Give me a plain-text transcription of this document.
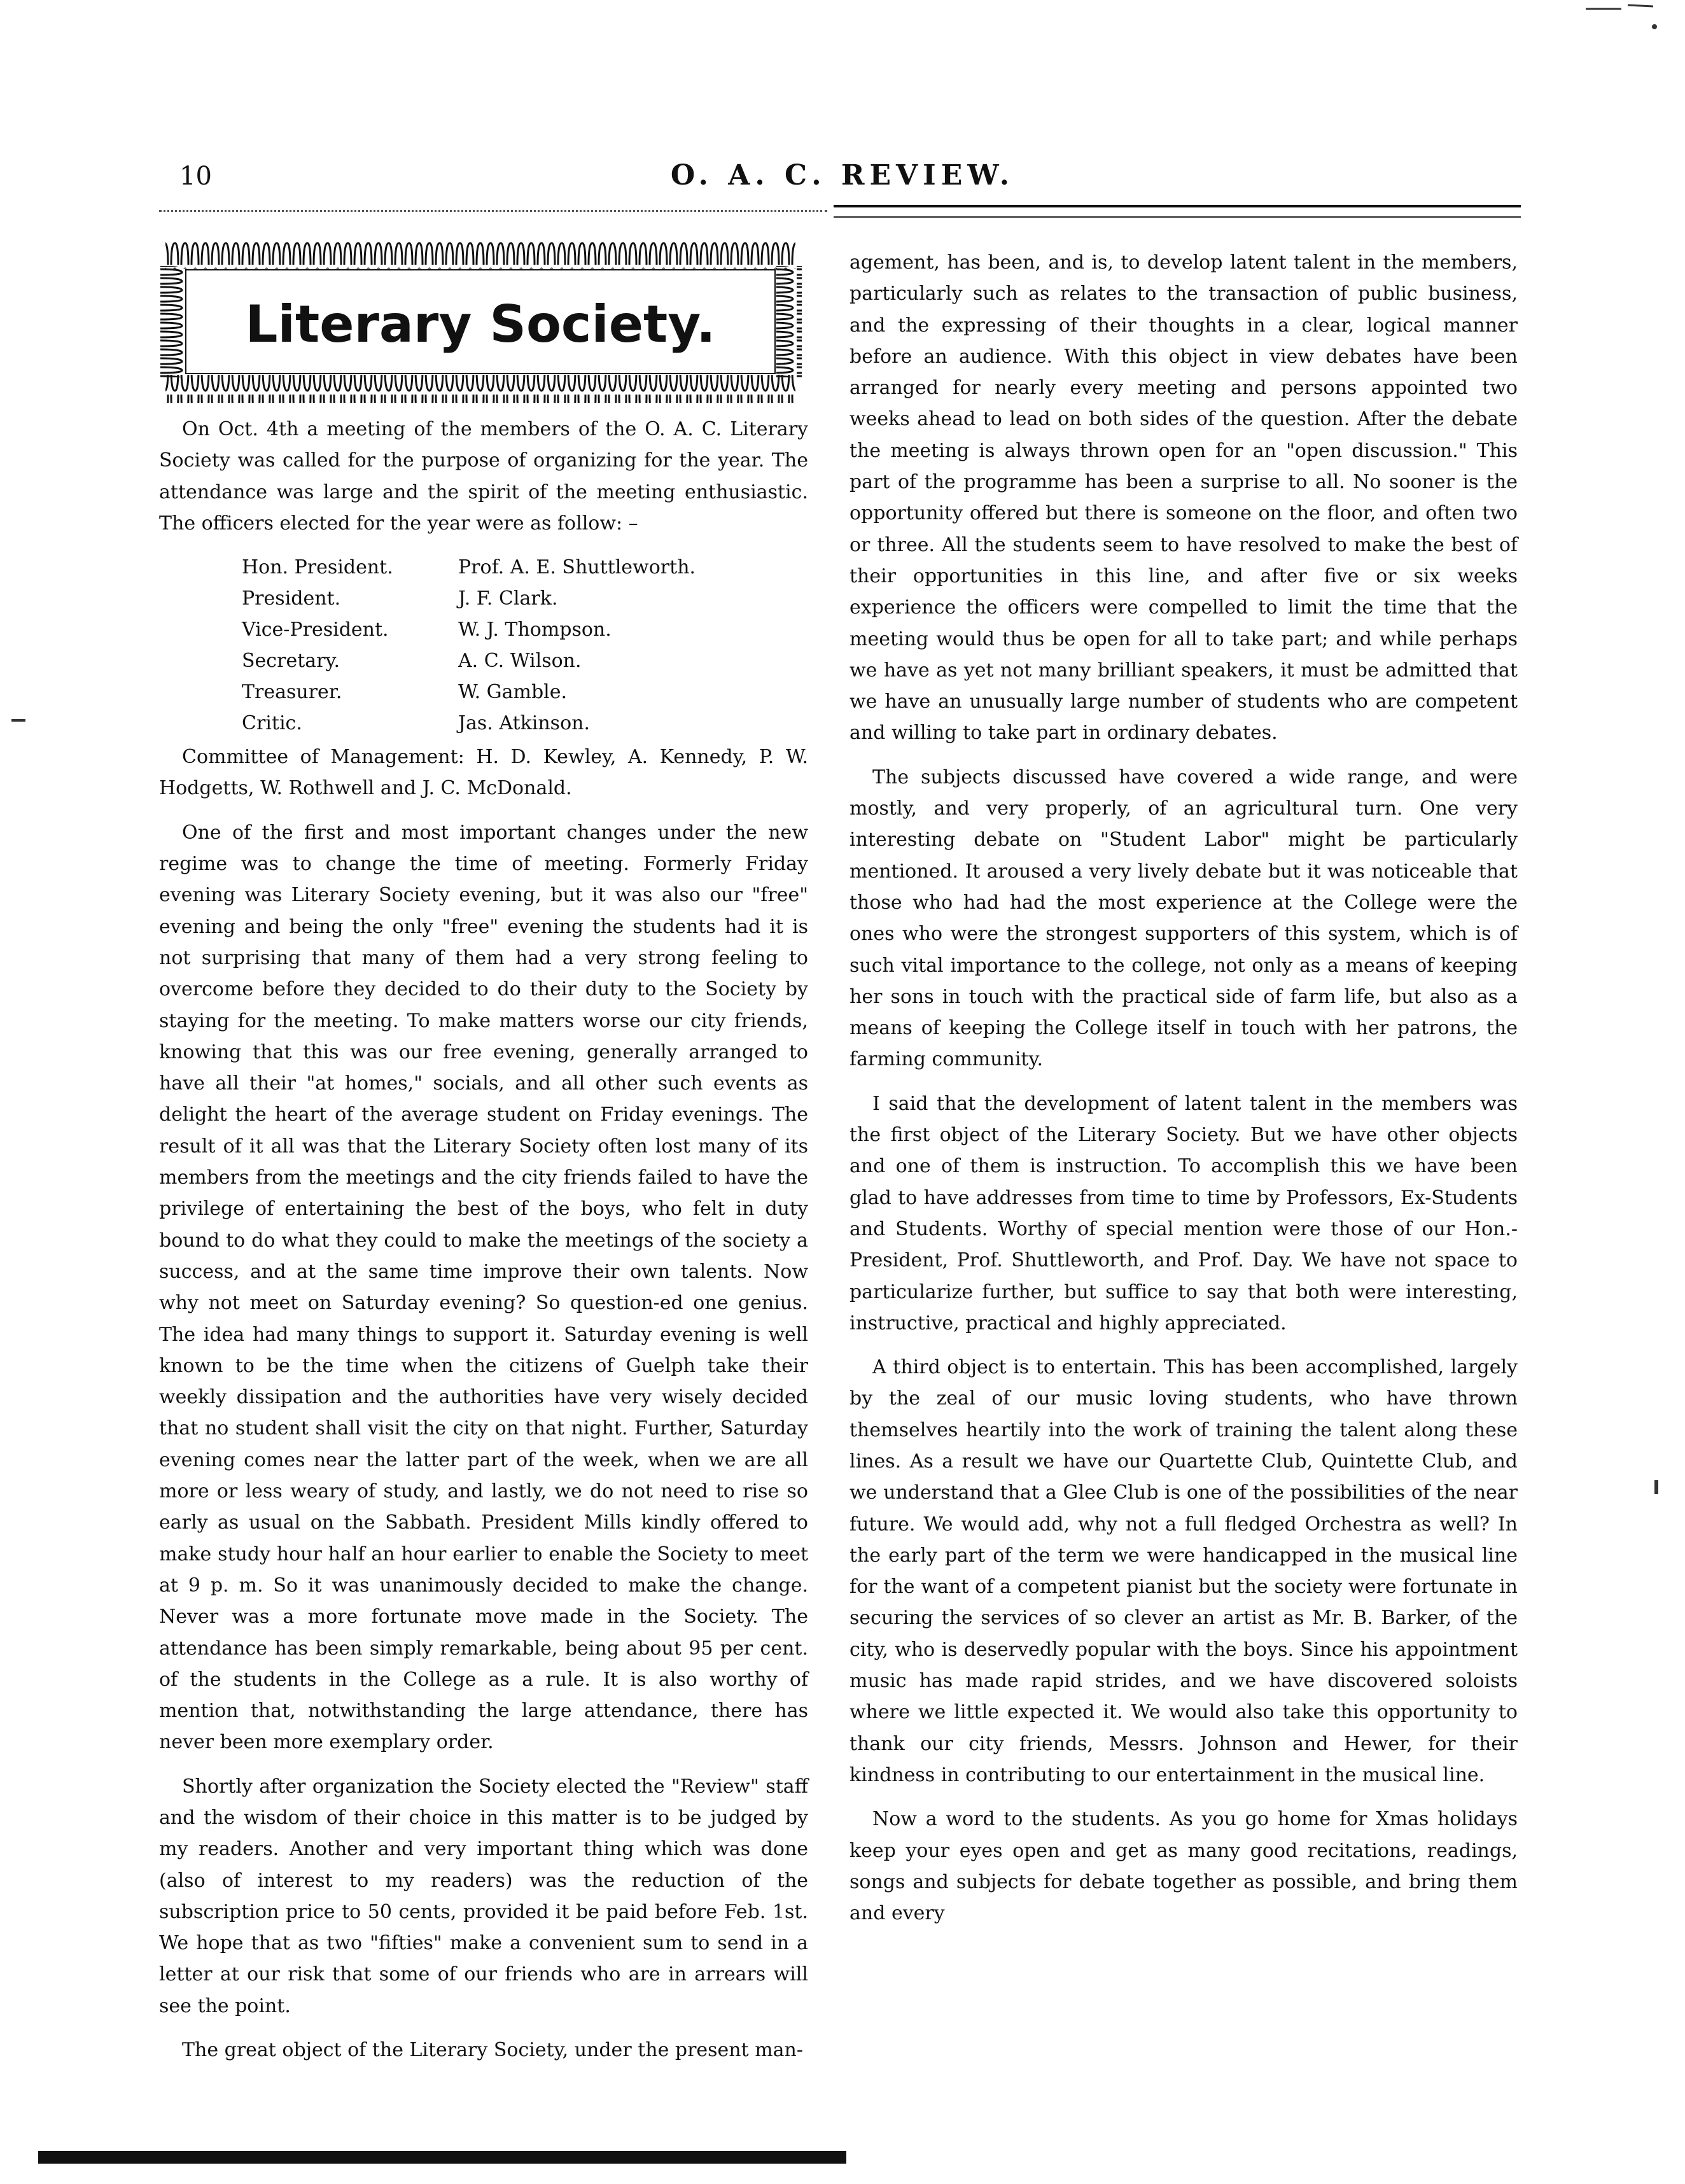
10	O. A. C. REVIEW.
Literary Society.

On Oct. 4th a meeting of the members of the O. A. C. Literary Society was called for the purpose of organizing for the year. The attendance was large and the spirit of the meeting enthusiastic. The officers elected for the year were as follow: –

Hon. President.	Prof. A. E. Shuttleworth.
President.	J. F. Clark.
Vice-President.	W. J. Thompson.
Secretary.	A. C. Wilson.
Treasurer.	W. Gamble.
Critic.	Jas. Atkinson.

Committee of Management: H. D. Kewley, A. Kennedy, P. W. Hodgetts, W. Rothwell and J. C. McDonald.

One of the first and most important changes under the new regime was to change the time of meeting. Formerly Friday evening was Literary Society evening, but it was also our "free" evening and being the only "free" evening the students had it is not surprising that many of them had a very strong feeling to overcome before they decided to do their duty to the Society by staying for the meeting. To make matters worse our city friends, knowing that this was our free evening, generally arranged to have all their "at homes," socials, and all other such events as delight the heart of the average student on Friday evenings. The result of it all was that the Literary Society often lost many of its members from the meetings and the city friends failed to have the privilege of entertaining the best of the boys, who felt in duty bound to do what they could to make the meetings of the society a success, and at the same time improve their own talents. Now why not meet on Saturday evening? So question-ed one genius. The idea had many things to support it. Saturday evening is well known to be the time when the citizens of Guelph take their weekly dissipation and the authorities have very wisely decided that no student shall visit the city on that night. Further, Saturday evening comes near the latter part of the week, when we are all more or less weary of study, and lastly, we do not need to rise so early as usual on the Sabbath. President Mills kindly offered to make study hour half an hour earlier to enable the Society to meet at 9 p. m. So it was unanimously decided to make the change. Never was a more fortunate move made in the Society. The attendance has been simply remarkable, being about 95 per cent. of the students in the College as a rule. It is also worthy of mention that, notwithstanding the large attendance, there has never been more exemplary order.

Shortly after organization the Society elected the "Review" staff and the wisdom of their choice in this matter is to be judged by my readers. Another and very important thing which was done (also of interest to my readers) was the reduction of the subscription price to 50 cents, provided it be paid before Feb. 1st. We hope that as two "fifties" make a convenient sum to send in a letter at our risk that some of our friends who are in arrears will see the point.

The great object of the Literary Society, under the present man-

agement, has been, and is, to develop latent talent in the members, particularly such as relates to the transaction of public business, and the expressing of their thoughts in a clear, logical manner before an audience. With this object in view debates have been arranged for nearly every meeting and persons appointed two weeks ahead to lead on both sides of the question. After the debate the meeting is always thrown open for an "open discussion." This part of the programme has been a surprise to all. No sooner is the opportunity offered but there is someone on the floor, and often two or three. All the students seem to have resolved to make the best of their opportunities in this line, and after five or six weeks experience the officers were compelled to limit the time that the meeting would thus be open for all to take part; and while perhaps we have as yet not many brilliant speakers, it must be admitted that we have an unusually large number of students who are competent and willing to take part in ordinary debates.

The subjects discussed have covered a wide range, and were mostly, and very properly, of an agricultural turn. One very interesting debate on "Student Labor" might be particularly mentioned. It aroused a very lively debate but it was noticeable that those who had had the most experience at the College were the ones who were the strongest supporters of this system, which is of such vital importance to the college, not only as a means of keeping her sons in touch with the practical side of farm life, but also as a means of keeping the College itself in touch with her patrons, the farming community.

I said that the development of latent talent in the members was the first object of the Literary Society. But we have other objects and one of them is instruction. To accomplish this we have been glad to have addresses from time to time by Professors, Ex-Students and Students. Worthy of special mention were those of our Hon.-President, Prof. Shuttleworth, and Prof. Day. We have not space to particularize further, but suffice to say that both were interesting, instructive, practical and highly appreciated.

A third object is to entertain. This has been accomplished, largely by the zeal of our music loving students, who have thrown themselves heartily into the work of training the talent along these lines. As a result we have our Quartette Club, Quintette Club, and we understand that a Glee Club is one of the possibilities of the near future. We would add, why not a full fledged Orchestra as well? In the early part of the term we were handicapped in the musical line for the want of a competent pianist but the society were fortunate in securing the services of so clever an artist as Mr. B. Barker, of the city, who is deservedly popular with the boys. Since his appointment music has made rapid strides, and we have discovered soloists where we little expected it. We would also take this opportunity to thank our city friends, Messrs. Johnson and Hewer, for their kindness in contributing to our entertainment in the musical line.

Now a word to the students. As you go home for Xmas holidays keep your eyes open and get as many good recitations, readings, songs and subjects for debate together as possible, and bring them and every
